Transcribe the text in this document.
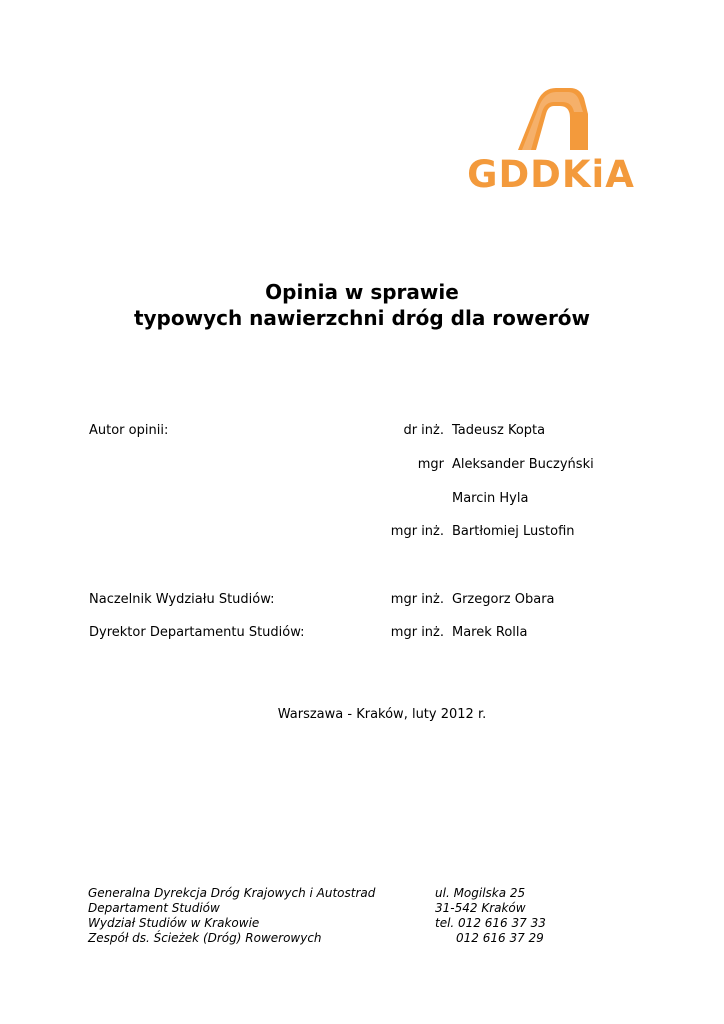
GDDKiA
Opinia w sprawie
typowych nawierzchni dróg dla rowerów
Autor opinii:	dr inż. Tadeusz Kopta
mgr Aleksander Buczyński
Marcin Hyla
mgr inż. Bartłomiej Lustofin
Naczelnik Wydziału Studiów:	mgr inż. Grzegorz Obara
Dyrektor Departamentu Studiów:	mgr inż. Marek Rolla
Warszawa - Kraków, luty 2012 r.
Generalna Dyrekcja Dróg Krajowych i Autostrad
Departament Studiów
Wydział Studiów w Krakowie
Zespół ds. Ścieżek (Dróg) Rowerowych
ul. Mogilska 25
31-542 Kraków
tel. 012 616 37 33
012 616 37 29
